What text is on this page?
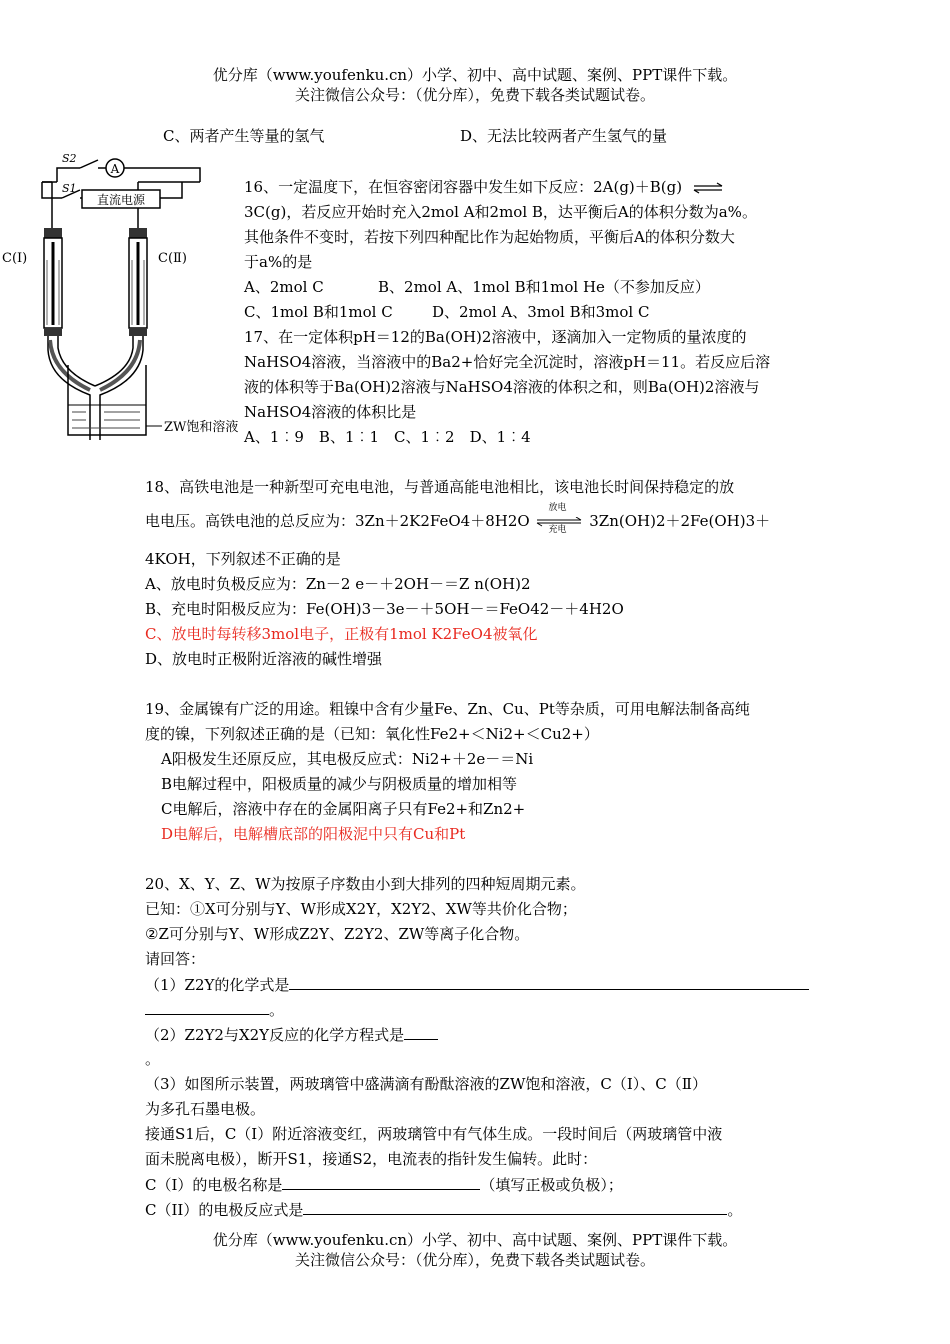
优分库（www.youfenku.cn）小学、初中、高中试题、案例、PPT课件下载。
关注微信公众号：（优分库），免费下载各类试题试卷。
C、两者产生等量的氢气	D、无法比较两者产生氢气的量
A
直流电源
S2
S1
C(Ⅰ)	C(Ⅱ)
ZW饱和溶液
16、一定温度下，在恒容密闭容器中发生如下反应：2A(g)＋B(g) ⇌
3C(g)，若反应开始时充入2mol A和2mol B，达平衡后A的体积分数为a%。
其他条件不变时，若按下列四种配比作为起始物质，平衡后A的体积分数大
于a%的是
A、2mol C	B、2mol A、1mol B和1mol He（不参加反应）
C、1mol B和1mol C	D、2mol A、3mol B和3mol C
17、在一定体积pH＝12的Ba(OH)2溶液中，逐滴加入一定物质的量浓度的
NaHSO4溶液，当溶液中的Ba2+恰好完全沉淀时，溶液pH＝11。若反应后溶
液的体积等于Ba(OH)2溶液与NaHSO4溶液的体积之和，则Ba(OH)2溶液与
NaHSO4溶液的体积比是
A、1︰9　B、1︰1　C、1︰2　D、1︰4
18、高铁电池是一种新型可充电电池，与普通高能电池相比，该电池长时间保持稳定的放
电电压。高铁电池的总反应为：3Zn＋2K2FeO4＋8H2O
放电
充电 3Zn(OH)2＋2Fe(OH)3＋
4KOH，下列叙述不正确的是
A、放电时负极反应为：Zn－2 e－＋2OH－＝Z n(OH)2
B、充电时阳极反应为：Fe(OH)3－3e－＋5OH－＝FeO42－＋4H2O
C、放电时每转移3mol电子，正极有1mol K2FeO4被氧化
D、放电时正极附近溶液的碱性增强
19、金属镍有广泛的用途。粗镍中含有少量Fe、Zn、Cu、Pt等杂质，可用电解法制备高纯
度的镍，下列叙述正确的是（已知：氧化性Fe2+＜Ni2+＜Cu2+）
A阳极发生还原反应，其电极反应式：Ni2+＋2e－＝Ni
B电解过程中，阳极质量的减少与阴极质量的增加相等
C电解后，溶液中存在的金属阳离子只有Fe2+和Zn2+
D电解后，电解槽底部的阳极泥中只有Cu和Pt
20、X、Y、Z、W为按原子序数由小到大排列的四种短周期元素。
已知：①X可分别与Y、W形成X2Y，X2Y2、XW等共价化合物；
②Z可分别与Y、W形成Z2Y、Z2Y2、ZW等离子化合物。
请回答：
（1）Z2Y的化学式是
。
（2）Z2Y2与X2Y反应的化学方程式是
。
（3）如图所示装置，两玻璃管中盛满滴有酚酞溶液的ZW饱和溶液，C（Ⅰ）、C（Ⅱ）
为多孔石墨电极。
接通S1后，C（Ⅰ）附近溶液变红，两玻璃管中有气体生成。一段时间后（两玻璃管中液
面未脱离电极），断开S1，接通S2，电流表的指针发生偏转。此时：
C（I）的电极名称是	（填写正极或负极）；
C（II）的电极反应式是	。
优分库（www.youfenku.cn）小学、初中、高中试题、案例、PPT课件下载。
关注微信公众号：（优分库），免费下载各类试题试卷。
